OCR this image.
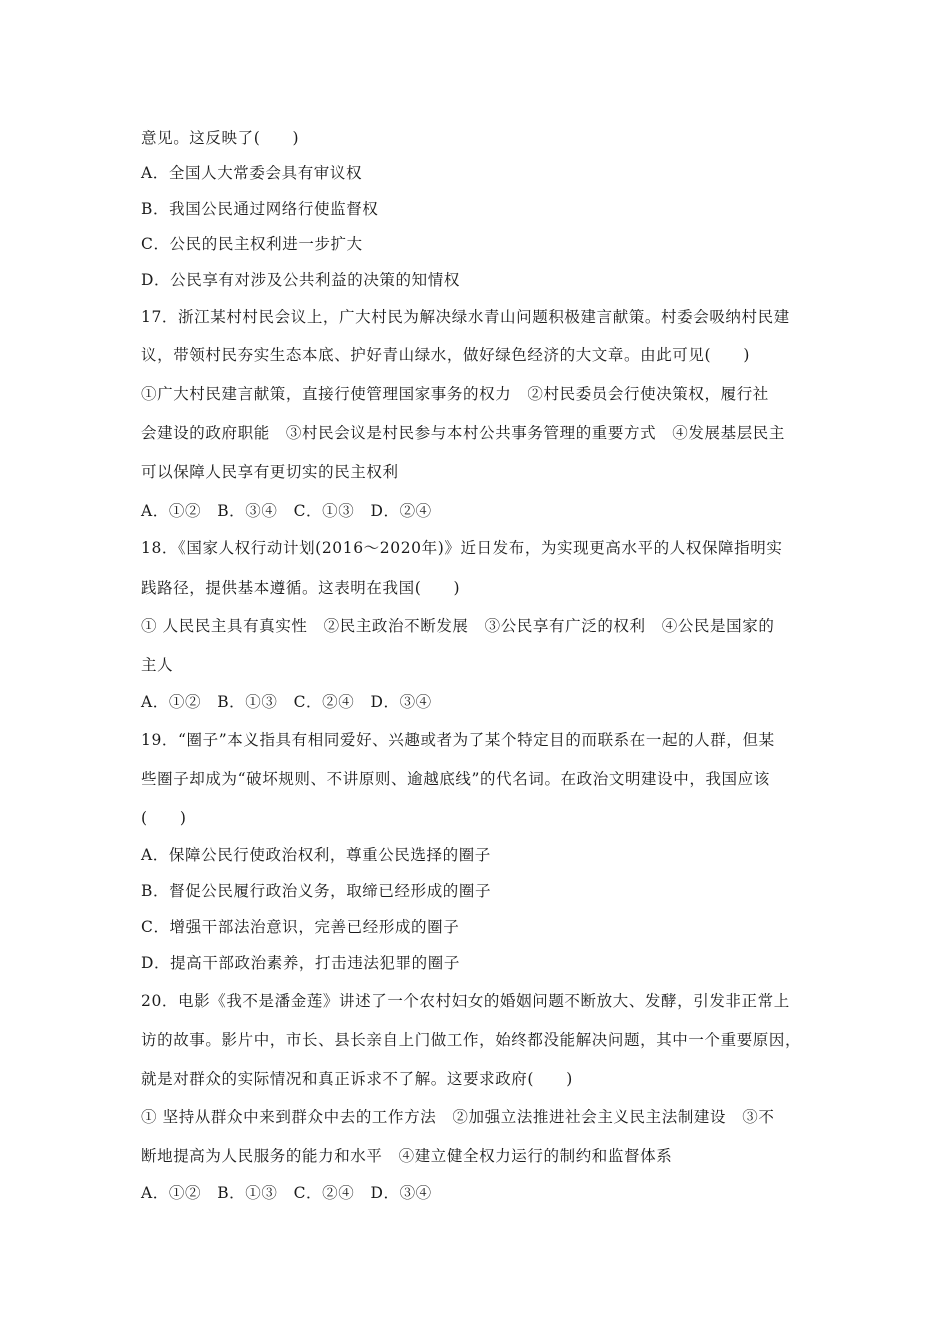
意见。这反映了(　　)
A．全国人大常委会具有审议权
B．我国公民通过网络行使监督权
C．公民的民主权利进一步扩大
D．公民享有对涉及公共利益的决策的知情权
17．浙江某村村民会议上，广大村民为解决绿水青山问题积极建言献策。村委会吸纳村民建
议，带领村民夯实生态本底、护好青山绿水，做好绿色经济的大文章。由此可见(　　)
①广大村民建言献策，直接行使管理国家事务的权力　②村民委员会行使决策权，履行社
会建设的政府职能　③村民会议是村民参与本村公共事务管理的重要方式　④发展基层民主
可以保障人民享有更切实的民主权利
A．①②　B．③④　C．①③　D．②④
18．《国家人权行动计划(2016～2020年)》近日发布，为实现更高水平的人权保障指明实
践路径，提供基本遵循。这表明在我国(　　)
① 人民民主具有真实性　②民主政治不断发展　③公民享有广泛的权利　④公民是国家的
主人
A．①②　B．①③　C．②④　D．③④
19．“圈子”本义指具有相同爱好、兴趣或者为了某个特定目的而联系在一起的人群，但某
些圈子却成为“破坏规则、不讲原则、逾越底线”的代名词。在政治文明建设中，我国应该
(　　)
A．保障公民行使政治权利，尊重公民选择的圈子
B．督促公民履行政治义务，取缔已经形成的圈子
C．增强干部法治意识，完善已经形成的圈子
D．提高干部政治素养，打击违法犯罪的圈子
20．电影《我不是潘金莲》讲述了一个农村妇女的婚姻问题不断放大、发酵，引发非正常上
访的故事。影片中，市长、县长亲自上门做工作，始终都没能解决问题，其中一个重要原因，
就是对群众的实际情况和真正诉求不了解。这要求政府(　　)
① 坚持从群众中来到群众中去的工作方法　②加强立法推进社会主义民主法制建设　③不
断地提高为人民服务的能力和水平　④建立健全权力运行的制约和监督体系
A．①②　B．①③　C．②④　D．③④
